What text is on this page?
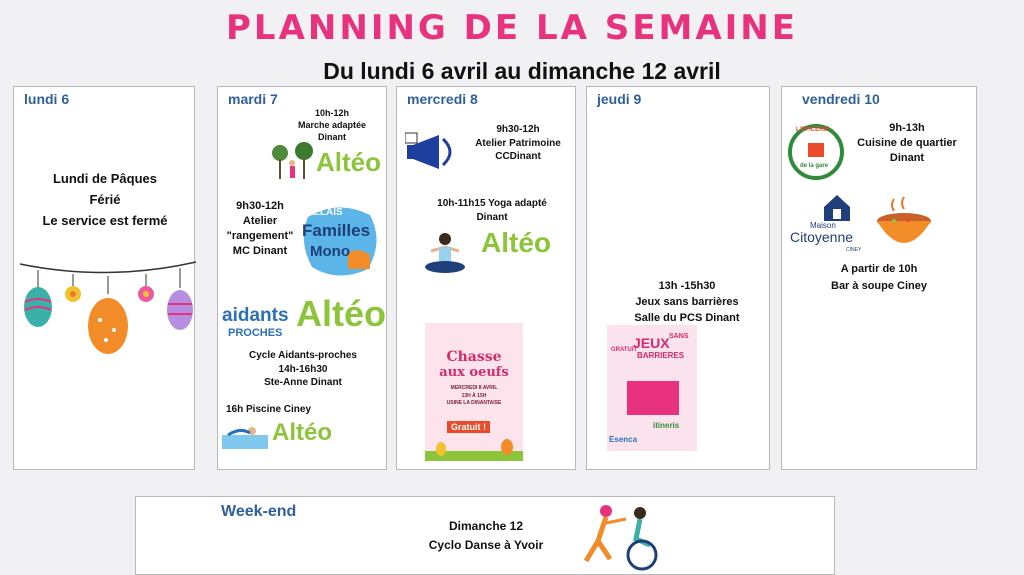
PLANNING DE LA SEMAINE
Du lundi 6 avril au dimanche 12 avril
lundi 6
Lundi de Pâques
Férié
Le service est fermé
mardi 7
10h-12h
Marche adaptée
Dinant
Altéo
9h30-12h
Atelier
"rangement"
MC Dinant
RELAIS
Familles
Mono
aidants
PROCHES Altéo
Cycle Aidants-proches
14h-16h30
Ste-Anne Dinant
16h Piscine Ciney
Altéo
mercredi 8
9h30-12h
Atelier Patrimoine
CCDinant
10h-11h15 Yoga adapté
Dinant
Altéo
Chasse
aux oeufs
MERCREDI 8 AVRIL
13H À 15H
USINE LA DINANTAISE
Gratuit !
jeudi 9
13h -15h30
Jeux sans barrières
Salle du PCS Dinant
GRATUIT
JEUX SANS
BARRIERES
Esenca
itineris
vendredi 10
L'EPICERIE
de la gare
9h-13h
Cuisine de quartier
Dinant
Maison
Citoyenne
CINEY
A partir de 10h
Bar à soupe Ciney
Week-end
Dimanche 12
Cyclo Danse à Yvoir
